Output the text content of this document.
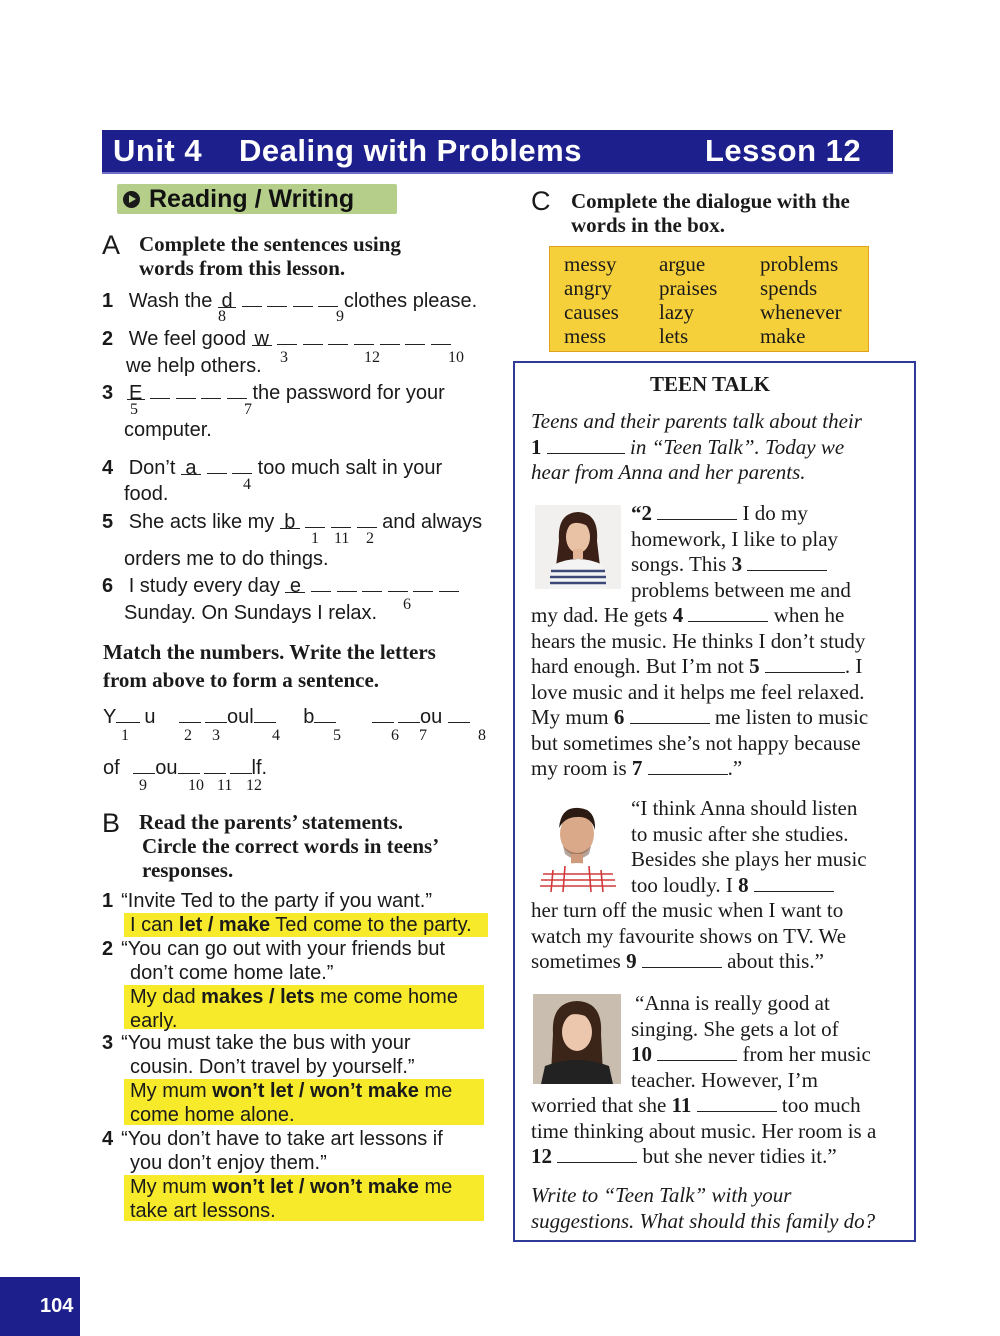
Unit 4 Dealing with Problems	Lesson 12
Reading / Writing
A Complete the sentences using
words from this lesson.
1 Wash the d	clothes please.
8	9
2 We feel good w
we help others. 3	12	10
3 E	the password for your
5	7
computer.
4 Don’t a	too much salt in your
4
food.
5 She acts like my b	and always
1 11 2
orders me to do things.
6 I study every day e
Sunday. On Sundays I relax. 6
Match the numbers. Write the letters
from above to form a sentence.
Y u	oul b	ou
1	2 3	4	5	6 7	8
of ou	lf.
9	10 11 12
B Read the parents’ statements.
Circle the correct words in teens’
responses.
1 “Invite Ted to the party if you want.”
I can let / make Ted come to the party.
2 “You can go out with your friends but
don’t come home late.”
My dad makes / lets me come home
early.
3 “You must take the bus with your
cousin. Don’t travel by yourself.”
My mum won’t let / won’t make me
come home alone.
4 “You don’t have to take art lessons if
you don’t enjoy them.”
My mum won’t let / won’t make me
take art lessons.
C Complete the dialogue with the
words in the box.
messy argue	problems
angry praises spends
causes lazy	whenever
mess	lets	make
TEEN TALK
Teens and their parents talk about their
1	in “Teen Talk”. Today we
hear from Anna and her parents.
“2	I do my
homework, I like to play
songs. This 3
problems between me and
my dad. He gets 4	when he
hears the music. He thinks I don’t study
hard enough. But I’m not 5	. I
love music and it helps me feel relaxed.
My mum 6	me listen to music
but sometimes she’s not happy because
my room is 7	.”
“I think Anna should listen
to music after she studies.
Besides she plays her music
too loudly. I 8
her turn off the music when I want to
watch my favourite shows on TV. We
sometimes 9	about this.”
“Anna is really good at
singing. She gets a lot of
10	from her music
teacher. However, I’m
worried that she 11	too much
time thinking about music. Her room is a
12	but she never tidies it.”
Write to “Teen Talk” with your
suggestions. What should this family do?
104
